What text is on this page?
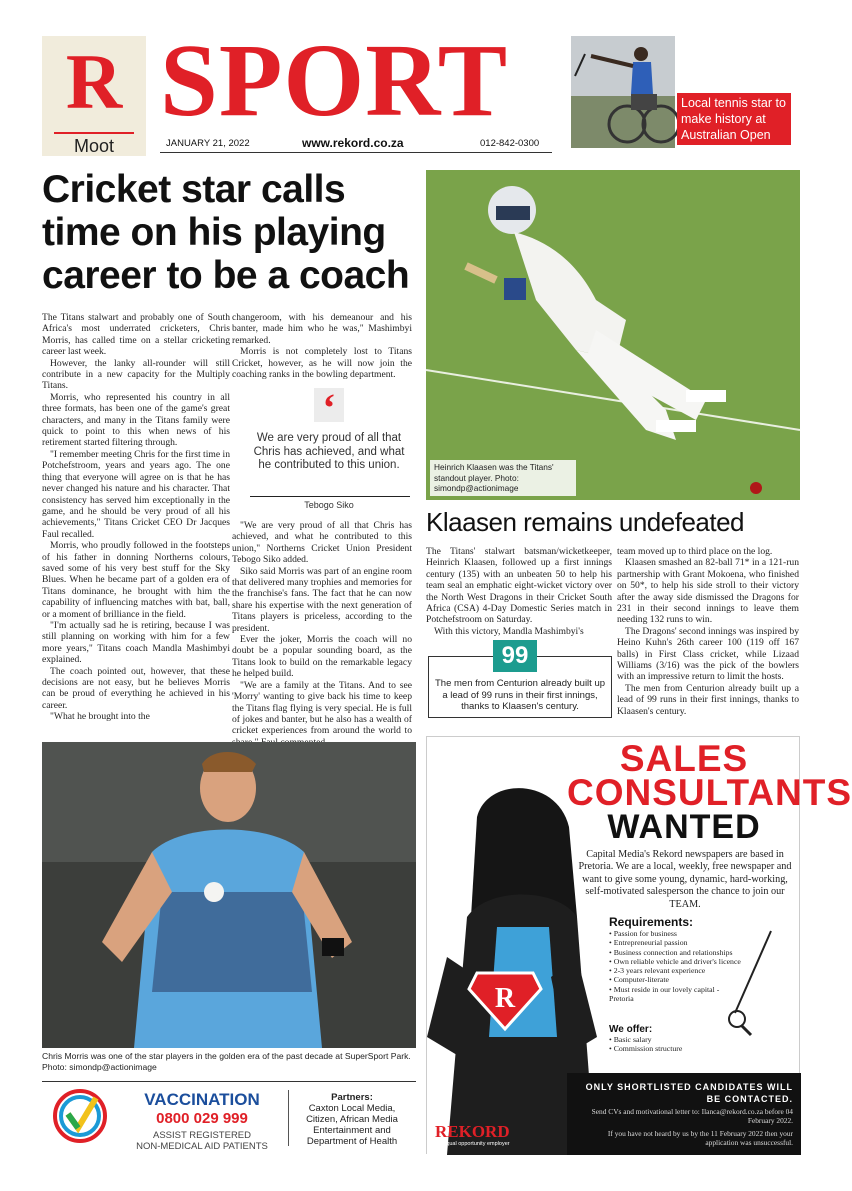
R
Moot
SPORT
JANUARY 21, 2022	www.rekord.co.za	012-842-0300
Local tennis star to make history at Australian Open
Cricket star calls time on his playing career to be a coach

The Titans stalwart and probably one of South Africa's most underrated cricketers, Chris Morris, has called time on a stellar cricketing career last week.

However, the lanky all-rounder will still contribute in a new capacity for the Multiply Titans.

Morris, who represented his country in all three formats, has been one of the game's great characters, and many in the Titans family were quick to point to this when news of his retirement started filtering through.

"I remember meeting Chris for the first time in Potchefstroom, years and years ago. The one thing that everyone will agree on is that he has never changed his nature and his character. That consistency has served him exceptionally in the game, and he should be very proud of all his achievements," Titans Cricket CEO Dr Jacques Faul recalled.

Morris, who proudly followed in the footsteps of his father in donning Northerns colours, saved some of his very best stuff for the Sky Blues. When he became part of a golden era of Titans dominance, he brought with him the capability of influencing matches with bat, ball, or a moment of brilliance in the field.

"I'm actually sad he is retiring, because I was still planning on working with him for a few more years," Titans coach Mandla Mashimbyi explained.

The coach pointed out, however, that these decisions are not easy, but he believes Morris can be proud of everything he achieved in his career.

"What he brought into the

changeroom, with his demeanour and his banter, made him who he was," Mashimbyi remarked.

Morris is not completely lost to Titans Cricket, however, as he will now join the coaching ranks in the bowling department.

‘
We are very proud of all that Chris has achieved, and what he contributed to this union.
Tebogo Siko

"We are very proud of all that Chris has achieved, and what he contributed to this union," Northerns Cricket Union President Tebogo Siko added.

Siko said Morris was part of an engine room that delivered many trophies and memories for the franchise's fans. The fact that he can now share his expertise with the next generation of Titans players is priceless, according to the president.

Ever the joker, Morris the coach will no doubt be a popular sounding board, as the Titans look to build on the remarkable legacy he helped build.

"We are a family at the Titans. And to see 'Morry' wanting to give back his time to keep the Titans flag flying is very special. He is full of jokes and banter, but he also has a wealth of cricket experiences from around the world to

Heinrich Klaasen was the Titans' standout player. Photo: simondp@actionimage
Klaasen remains undefeated

The Titans' stalwart batsman/wicketkeeper, Heinrich Klaasen, followed up a first innings century (135) with an unbeaten 50 to help his team seal an emphatic eight-wicket victory over the North West Dragons in their Cricket South Africa (CSA) 4-Day Domestic Series match in Potchefstroom on Saturday.

With this victory, Mandla Mashimbyi's

99
The men from Centurion already built up a lead of 99 runs in their first innings, thanks to Klaasen's century.

team moved up to third place on the log.

Klaasen smashed an 82-ball 71* in a 121-run partnership with Grant Mokoena, who finished on 50*, to help his side stroll to their victory after the away side dismissed the Dragons for 231 in their second innings to leave them needing 132 runs to win.

The Dragons' second innings was inspired by Heino Kuhn's 26th career 100 (119 off 167 balls) in First Class cricket, while Lizaad Williams (3/16) was the pick of the bowlers with an impressive return to limit the hosts.

The men from Centurion already built up a lead of 99 runs in their first innings, thanks to Klaasen's century.

Chris Morris was one of the star players in the golden era of the past decade at SuperSport Park. Photo: simondp@actionimage
VACCINATION
0800 029 999
ASSIST REGISTERED
NON-MEDICAL AID PATIENTS
Partners:
Caxton Local Media, Citizen, African Media Entertainment and Department of Health
R
SALES
CONSULTANTS
WANTED
Capital Media's Rekord newspapers are based in Pretoria. We are a local, weekly, free newspaper and want to give some young, dynamic, hard-working, self-motivated salesperson the chance to join our TEAM.
Requirements:
• Passion for business
• Entrepreneurial passion
• Business connection and relationships
• Own reliable vehicle and driver's licence
• 2-3 years relevant experience
• Computer-literate
• Must reside in our lovely capital - Pretoria
We offer:
• Basic salary
• Commission structure
ONLY SHORTLISTED CANDIDATES WILL BE CONTACTED.
Send CVs and motivational letter to: Ilanca@rekord.co.za before 04 February 2022.
If you have not heard by us by the 11 February 2022 then your application was unsuccessful.
REKORD
An equal opportunity employer
